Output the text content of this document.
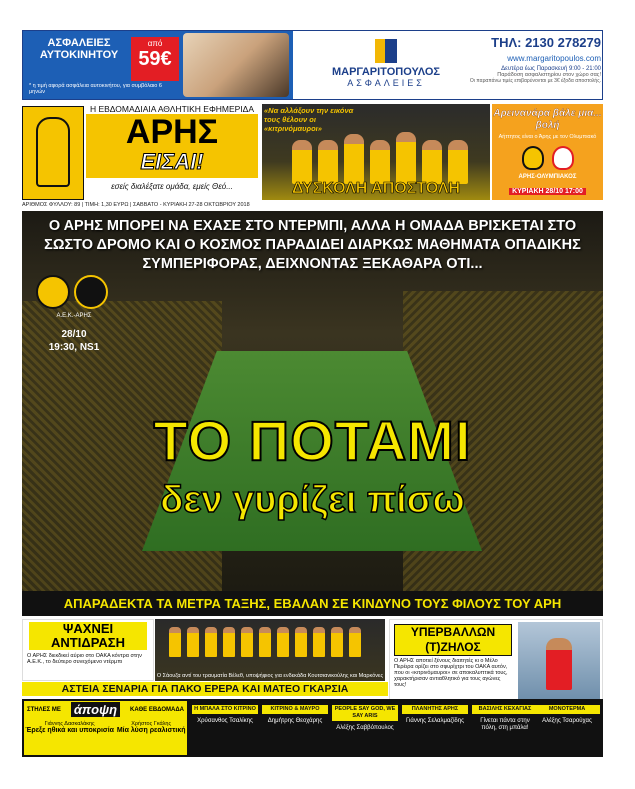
ΑΣΦΑΛΕΙΕΣ ΑΥΤΟΚΙΝΗΤΟΥ
από
59€
* η τιμή αφορά ασφάλεια αυτοκινήτου, για συμβόλαιο 6 μηνών
ΜΑΡΓΑΡΙΤΟΠΟΥΛΟΣ
ΑΣΦΑΛΕΙΕΣ
ΤΗΛ: 2130 278279
www.margaritopoulos.com
Δευτέρα έως Παρασκευή 9:00 - 21:00
Παράδοση ασφαλιστηρίου στον χώρο σας!
Οι παραπάνω τιμές επιβαρύνονται με 3€ έξοδα αποστολής.
Η ΕΒΔΟΜΑΔΙΑΙΑ ΑΘΛΗΤΙΚΗ ΕΦΗΜΕΡΙΔΑ
ΑΡΗΣ
ΕΙΣΑΙ!
εσείς διαλέξατε ομάδα, εμείς Θεό...
«Να αλλάξουν την εικόνα τους θέλουν οι «κιτρινόμαυροι»
ΔΥΣΚΟΛΗ ΑΠΟΣΤΟΛΗ
Αρεινανάρα βάλε μια... βολή
Αήττητος είναι ο Άρης με τον Ολυμπιακό
ΑΡΗΣ-ΟΛΥΜΠΙΑΚΟΣ
ΚΥΡΙΑΚΗ 28/10 17:00
ΑΡΙΘΜΟΣ ΦΥΛΛΟΥ: 89 | ΤΙΜΗ: 1,30 ΕΥΡΩ | ΣΑΒΒΑΤΟ - ΚΥΡΙΑΚΗ 27-28 ΟΚΤΩΒΡΙΟΥ 2018
Ο ΑΡΗΣ ΜΠΟΡΕΙ ΝΑ ΕΧΑΣΕ ΣΤΟ ΝΤΕΡΜΠΙ, ΑΛΛΑ Η ΟΜΑΔΑ ΒΡΙΣΚΕΤΑΙ ΣΤΟ ΣΩΣΤΟ ΔΡΟΜΟ ΚΑΙ Ο ΚΟΣΜΟΣ ΠΑΡΑΔΙΔΕΙ ΔΙΑΡΚΩΣ ΜΑΘΗΜΑΤΑ ΟΠΑΔΙΚΗΣ ΣΥΜΠΕΡΙΦΟΡΑΣ, ΔΕΙΧΝΟΝΤΑΣ ΞΕΚΑΘΑΡΑ ΟΤΙ...
Α.Ε.Κ.-ΑΡΗΣ
28/10
19:30, NS1
ΤΟ ΠΟΤΑΜΙ
δεν γυρίζει πίσω
ΑΠΑΡΑΔΕΚΤΑ ΤΑ ΜΕΤΡΑ ΤΑΞΗΣ, ΕΒΑΛΑΝ ΣΕ ΚΙΝΔΥΝΟ ΤΟΥΣ ΦΙΛΟΥΣ ΤΟΥ ΑΡΗ
ΨΑΧΝΕΙ ΑΝΤΙΔΡΑΣΗ
Ο ΑΡΗΣ διεκδικεί αύριο στο ΟΑΚΑ κόντρα στην Α.Ε.Κ., το δεύτερο συνεχόμενο ντέρμπι
Ο Σάουζα αντί του τραυματία Βέλεθ, υποψήφιος για ενδεκάδα Κουτσιανικούλης και Μαρκόνες
ΥΠΕΡΒΑΛΛΩΝ (Τ)ΖΗΛΟΣ
Ο ΑΡΗΣ αποτιεί ξένους διαιτητές κι ο Μέλο Περέιρα ορίζει στο σφυρίχτρι του ΟΑΚΑ αυτόν, που οι «κιτρινόμαυροι» σε αποκαλυπτικά τους, χαρακτήρισαν αντιαθλητικό για τους αγώνες τους!
ΑΣΤΕΙΑ ΣΕΝΑΡΙΑ ΓΙΑ ΠΑΚΟ ΕΡΕΡΑ ΚΑΙ ΜΑΤΕΟ ΓΚΑΡΣΙΑ
ΣΤΗΛΕΣ ΜΕ άποψη	ΚΑΘΕ ΕΒΔΟΜΑΔΑ
Γιάννης Δασκαλάκης
Έρεξε ηθικά και υποκρισία
Χρήστος Γκάλης
Μία λύση ρεαλιστική
Η ΜΠΑΛΑ ΣΤΟ ΚΙΤΡΙΝΟ
Χρύσανθος Τσαλίκης
ΚΙΤΡΙΝΟ & ΜΑΥΡΟ
Δημήτρης Θεοχάρης
PEOPLE SAY GOD, WE SAY ARIS
Αλέξης Σαββόπουλος
ΠΛΑΝΗΤΗΣ ΑΡΗΣ
Γιάννης Σελαλμαζίδης
ΒΑΣΙΛΗΣ ΚΕΧΑΓΙΑΣ
Γίνεται πάντα στην πόλη, στη μπάλα!
ΜΟΝΟΤΕΡΜΑ
Αλέξης Τσαρούχας
